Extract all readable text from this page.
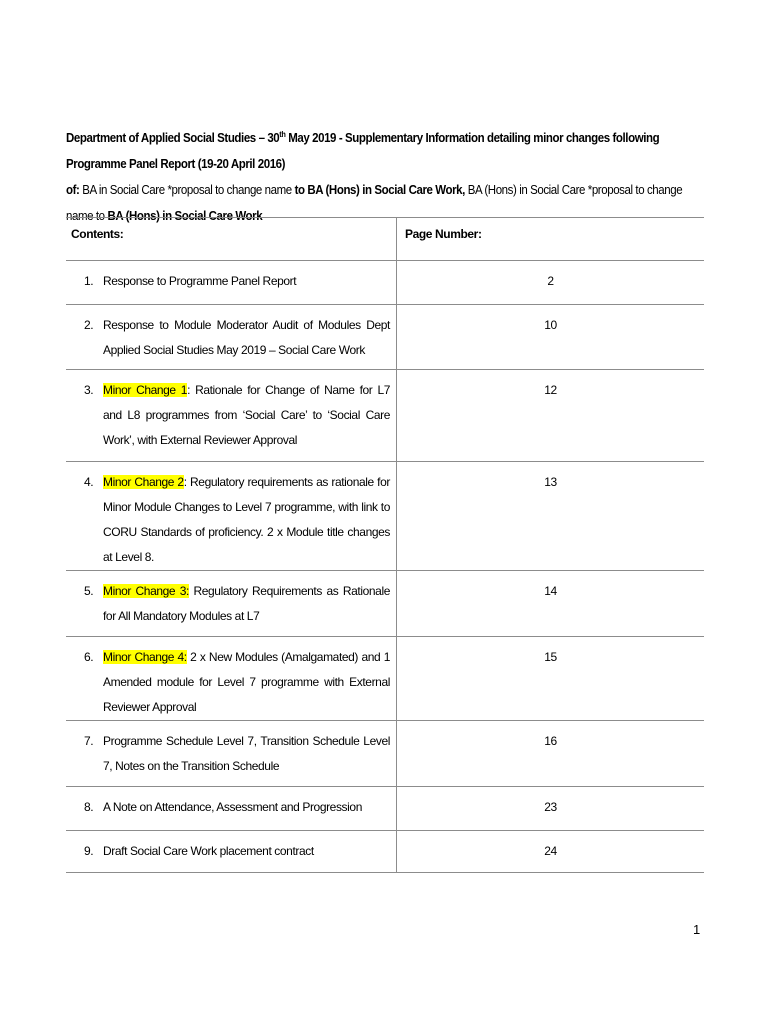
Department of Applied Social Studies – 30th May 2019 - Supplementary Information detailing minor changes following Programme Panel Report (19-20 April 2016)
of: BA in Social Care *proposal to change name to BA (Hons) in Social Care Work, BA (Hons) in Social Care *proposal to change name to BA (Hons) in Social Care Work
Contents:	Page Number:

1. Response to Programme Panel Report	2

2. Response to Module Moderator Audit of Modules Dept Applied Social Studies May 2019 – Social Care Work	10

3. Minor Change 1: Rationale for Change of Name for L7 and L8 programmes from ‘Social Care’ to ‘Social Care Work’, with External Reviewer Approval	12

4. Minor Change 2: Regulatory requirements as rationale for Minor Module Changes to Level 7 programme, with link to CORU Standards of proficiency. 2 x Module title changes at Level 8.	13

5. Minor Change 3: Regulatory Requirements as Rationale for All Mandatory Modules at L7	14

6. Minor Change 4: 2 x New Modules (Amalgamated) and 1 Amended module for Level 7 programme with External Reviewer Approval	15

7. Programme Schedule Level 7, Transition Schedule Level 7, Notes on the Transition Schedule	16

8. A Note on Attendance, Assessment and Progression	23

9. Draft Social Care Work placement contract	24
1
